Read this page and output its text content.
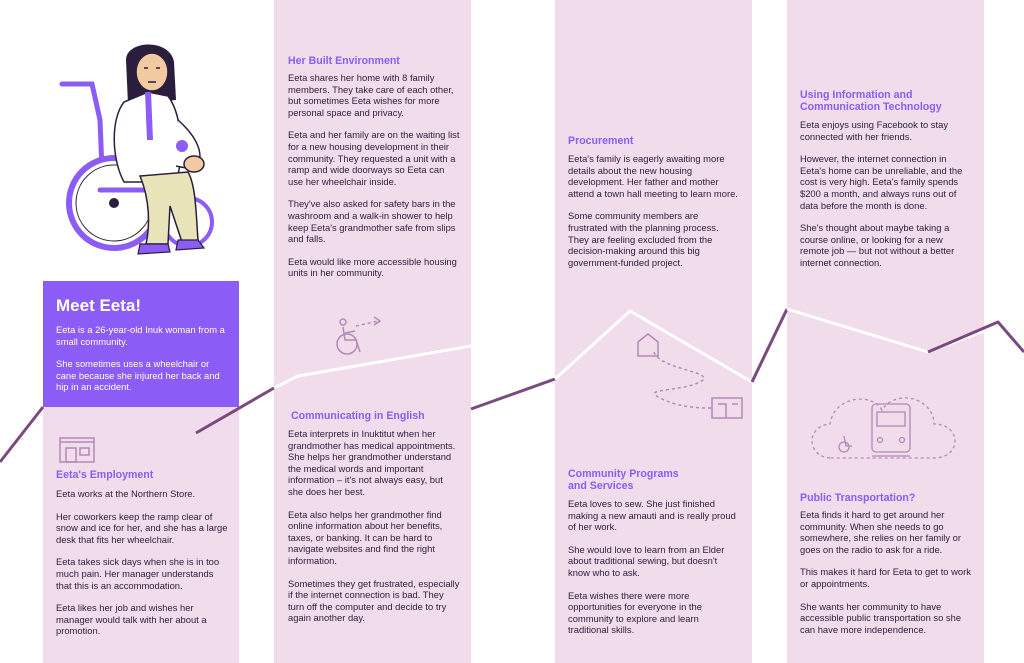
Meet Eeta!

Eeta is a 26-year-old Inuk woman from a small community.

She sometimes uses a wheelchair or cane because she injured her back and hip in an accident.

Eeta's Employment

Eeta works at the Northern Store.

Her coworkers keep the ramp clear of snow and ice for her, and she has a large desk that fits her wheelchair.

Eeta takes sick days when she is in too much pain. Her manager understands that this is an accommodation.

Eeta likes her job and wishes her manager would talk with her about a promotion.

Her Built Environment

Eeta shares her home with 8 family members. They take care of each other, but sometimes Eeta wishes for more personal space and privacy.

Eeta and her family are on the waiting list for a new housing development in their community. They requested a unit with a ramp and wide doorways so Eeta can use her wheelchair inside.

They've also asked for safety bars in the washroom and a walk-in shower to help keep Eeta's grandmother safe from slips and falls.

Eeta would like more accessible housing units in her community.

Communicating in English

Eeta interprets in Inuktitut when her grandmother has medical appointments. She helps her grandmother understand the medical words and important information – it's not always easy, but she does her best.

Eeta also helps her grandmother find online information about her benefits, taxes, or banking. It can be hard to navigate websites and find the right information.

Sometimes they get frustrated, especially if the internet connection is bad. They turn off the computer and decide to try again another day.

Procurement

Eeta's family is eagerly awaiting more details about the new housing development. Her father and mother attend a town hall meeting to learn more.

Some community members are frustrated with the planning process. They are feeling excluded from the decision-making around this big government-funded project.

Community Programs
and Services

Eeta loves to sew. She just finished making a new amauti and is really proud of her work.

She would love to learn from an Elder about traditional sewing, but doesn't know who to ask.

Eeta wishes there were more opportunities for everyone in the community to explore and learn traditional skills.

Using Information and
Communication Technology

Eeta enjoys using Facebook to stay connected with her friends.

However, the internet connection in Eeta's home can be unreliable, and the cost is very high. Eeta's family spends $200 a month, and always runs out of data before the month is done.

She's thought about maybe taking a course online, or looking for a new remote job — but not without a better internet connection.

Public Transportation?

Eeta finds it hard to get around her community. When she needs to go somewhere, she relies on her family or goes on the radio to ask for a ride.

This makes it hard for Eeta to get to work or appointments.

She wants her community to have accessible public transportation so she can have more independence.
